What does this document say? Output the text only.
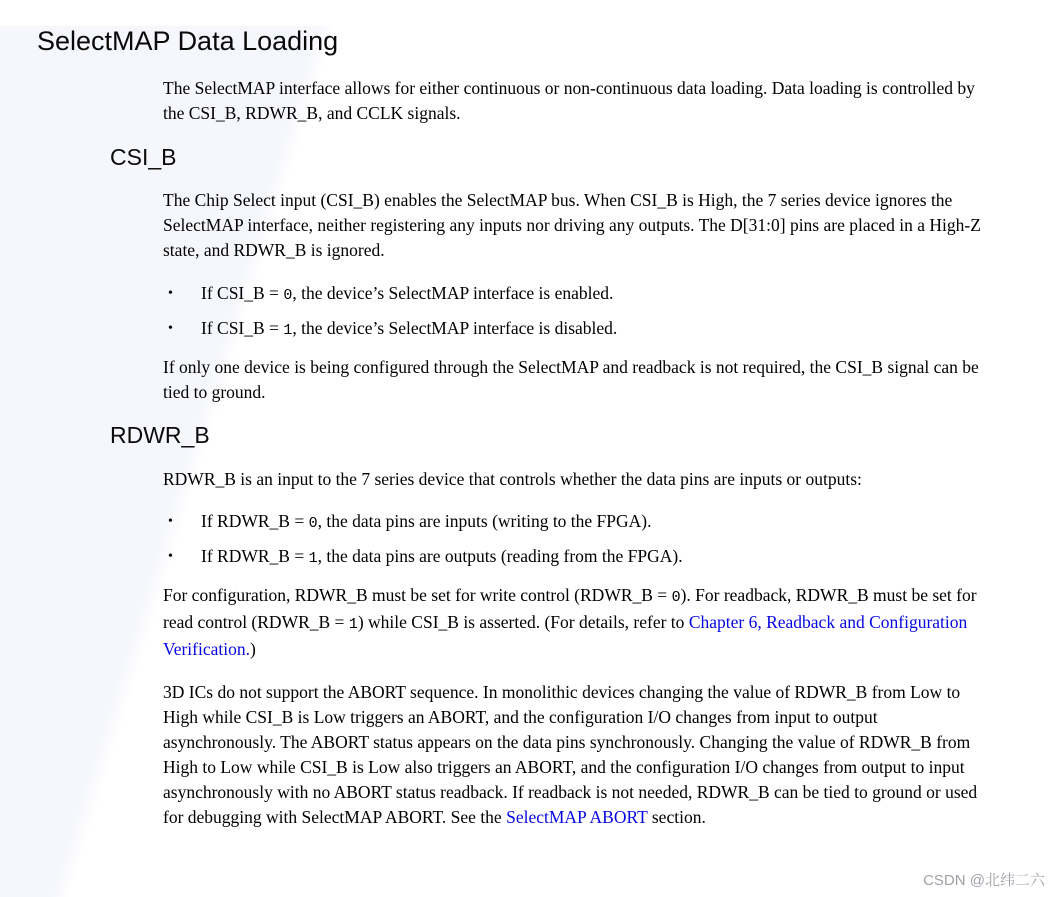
SelectMAP Data Loading

The SelectMAP interface allows for either continuous or non-continuous data loading. Data loading is controlled by the CSI_B, RDWR_B, and CCLK signals.

CSI_B

The Chip Select input (CSI_B) enables the SelectMAP bus. When CSI_B is High, the 7 series device ignores the SelectMAP interface, neither registering any inputs nor driving any outputs. The D[31:0] pins are placed in a High-Z state, and RDWR_B is ignored.

•	If CSI_B = 0, the device’s SelectMAP interface is enabled.
•	If CSI_B = 1, the device’s SelectMAP interface is disabled.

If only one device is being configured through the SelectMAP and readback is not required, the CSI_B signal can be tied to ground.

RDWR_B

RDWR_B is an input to the 7 series device that controls whether the data pins are inputs or outputs:

•	If RDWR_B = 0, the data pins are inputs (writing to the FPGA).
•	If RDWR_B = 1, the data pins are outputs (reading from the FPGA).

For configuration, RDWR_B must be set for write control (RDWR_B = 0). For readback, RDWR_B must be set for read control (RDWR_B = 1) while CSI_B is asserted. (For details, refer to Chapter 6, Readback and Configuration Verification.)

3D ICs do not support the ABORT sequence. In monolithic devices changing the value of RDWR_B from Low to High while CSI_B is Low triggers an ABORT, and the configuration I/O changes from input to output asynchronously. The ABORT status appears on the data pins synchronously. Changing the value of RDWR_B from High to Low while CSI_B is Low also triggers an ABORT, and the configuration I/O changes from output to input asynchronously with no ABORT status readback. If readback is not needed, RDWR_B can be tied to ground or used for debugging with SelectMAP ABORT. See the SelectMAP ABORT section.

CSDN @北纬二六
